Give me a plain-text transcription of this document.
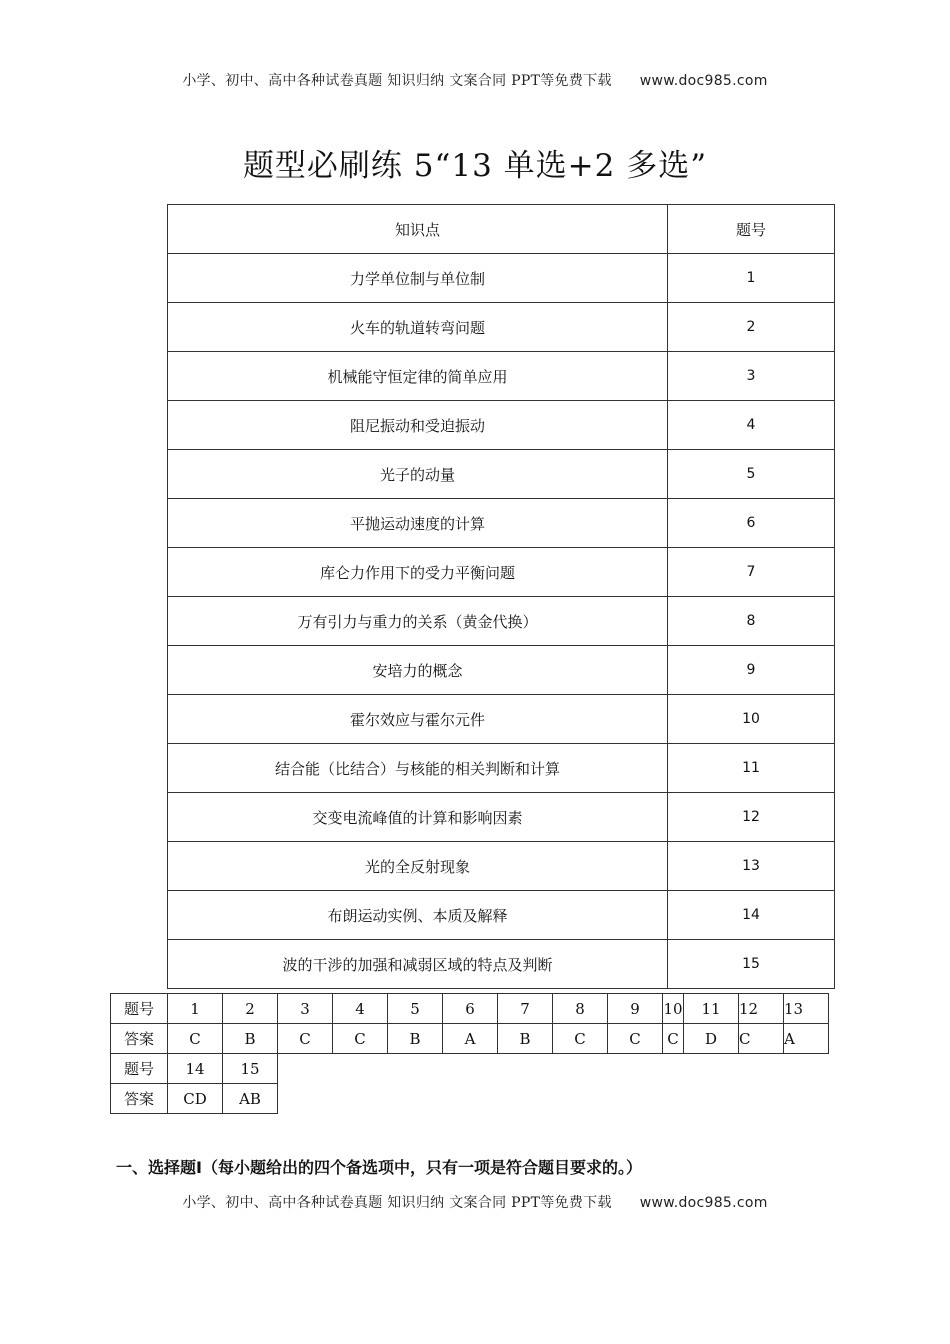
小学、初中、高中各种试卷真题 知识归纳 文案合同 PPT等免费下载 www.doc985.com
题型必刷练 5“13 单选+2 多选”
知识点	题号
力学单位制与单位制	1
火车的轨道转弯问题	2
机械能守恒定律的简单应用	3
阻尼振动和受迫振动	4
光子的动量	5
平抛运动速度的计算	6
库仑力作用下的受力平衡问题	7
万有引力与重力的关系（黄金代换）	8
安培力的概念	9
霍尔效应与霍尔元件	10
结合能（比结合）与核能的相关判断和计算	11
交变电流峰值的计算和影响因素	12
光的全反射现象	13
布朗运动实例、本质及解释	14
波的干涉的加强和减弱区域的特点及判断	15
题号	1	2	3	4	5	6	7	8	9	10	11	12	13
答案	C	B	C	C	B	A	B	C	C	C	D	C	A
题号	14	15											
答案	CD	AB											
一、选择题Ⅰ（每小题给出的四个备选项中，只有一项是符合题目要求的。）
小学、初中、高中各种试卷真题 知识归纳 文案合同 PPT等免费下载 www.doc985.com
